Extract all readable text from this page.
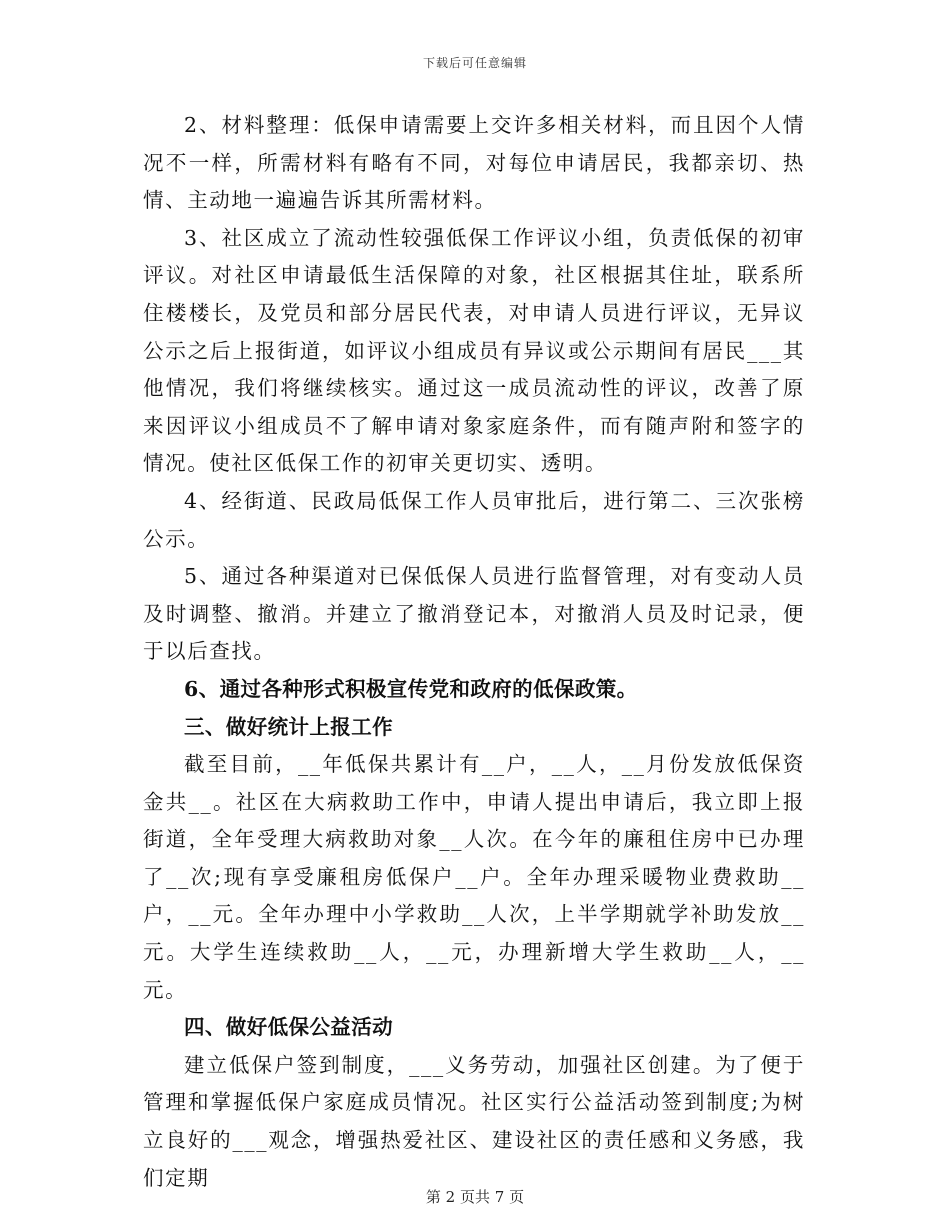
下载后可任意编辑

2、材料整理：低保申请需要上交许多相关材料，而且因个人情况不一样，所需材料有略有不同，对每位申请居民，我都亲切、热情、主动地一遍遍告诉其所需材料。

3、社区成立了流动性较强低保工作评议小组，负责低保的初审评议。对社区申请最低生活保障的对象，社区根据其住址，联系所住楼楼长，及党员和部分居民代表，对申请人员进行评议，无异议公示之后上报街道，如评议小组成员有异议或公示期间有居民___其他情况，我们将继续核实。通过这一成员流动性的评议，改善了原来因评议小组成员不了解申请对象家庭条件，而有随声附和签字的情况。使社区低保工作的初审关更切实、透明。

4、经街道、民政局低保工作人员审批后，进行第二、三次张榜公示。

5、通过各种渠道对已保低保人员进行监督管理，对有变动人员及时调整、撤消。并建立了撤消登记本，对撤消人员及时记录，便于以后查找。

6、通过各种形式积极宣传党和政府的低保政策。

三、做好统计上报工作

截至目前，__年低保共累计有__户，__人，__月份发放低保资金共__。社区在大病救助工作中，申请人提出申请后，我立即上报街道，全年受理大病救助对象__人次。在今年的廉租住房中已办理了__次;现有享受廉租房低保户__户。全年办理采暖物业费救助__户，__元。全年办理中小学救助__人次，上半学期就学补助发放__元。大学生连续救助__人，__元，办理新增大学生救助__人，__元。

四、做好低保公益活动

建立低保户签到制度，___义务劳动，加强社区创建。为了便于管理和掌握低保户家庭成员情况。社区实行公益活动签到制度;为树立良好的___观念，增强热爱社区、建设社区的责任感和义务感，我们定期

第 2 页共 7 页
